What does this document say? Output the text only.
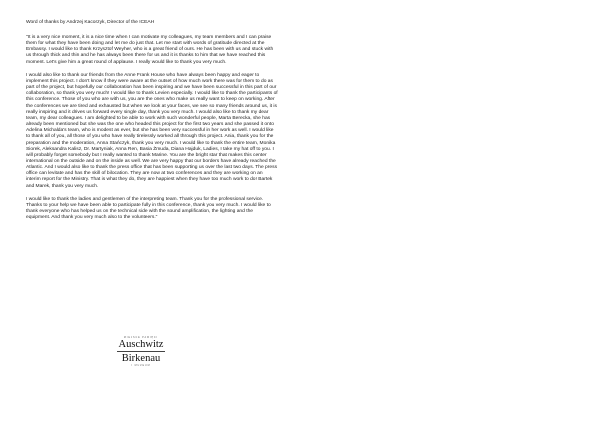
Word of thanks by Andrzej Kacorzyk, Director of the ICEAH

"It is a very nice moment, it is a nice time when I can motivate my colleagues, my team members and I can praise them for what they have been doing and let me do just that. Let me start with words of gratitude directed at the Embassy. I would like to thank Krzysztof Weyher, who is a great friend of ours. He has been with us and stuck with us through thick and thin and he has always been there for us and it is thanks to him that we have reached this moment. Let's give him a great round of applause. I really would like to thank you very much.

I would also like to thank our friends from the Anne Frank House who have always been happy and eager to implement this project. I don't know if they were aware at the outset of how much work there was for them to do as part of the project, but hopefully our collaboration has been inspiring and we have been successful in this part of our collaboration, so thank you very much! I would like to thank Levien especially. I would like to thank the participants of this conference. Those of you who are with us, you are the ones who make us really want to keep on working. After the conferences we are tired and exhausted but when we look at your faces, we see so many friends around us, it is really inspiring and it drives us forward every single day, thank you very much. I would also like to thank my dear team, my dear colleagues. I am delighted to be able to work with such wonderful people, Marta Berecka, she has already been mentioned but she was the one who headed this project for the first two years and she passed it onto Adelina Michalda's team, who is modest as ever, but she has been very successful in her work as well. I would like to thank all of you, all those of you who have really tirelessly worked all through this project. Ania, thank you for the preparation and the moderation, Anna Stańczyk, thank you very much. I would like to thank the entire team, Monika Siorek, Aleksandra Kalisz, Dr. Martyniak, Anna Ren, Basia Żmuda, Diana Hajduk, Ladies, I take my hat off to you. I will probably forget somebody but I really wanted to thank Marine. You are the bright star that makes this center international on the outside and on the inside as well. We are very happy that our borders have already reached the Atlantic. And I would also like to thank the press office that has been supporting us over the last two days. The press office can levitate and has the skill of bilocation. They are now at two conferences and they are working on an interim report for the Ministry. That is what they do, they are happiest when they have too much work to do! Bartek and Marek, thank you very much.

I would like to thank the ladies and gentlemen of the interpreting team. Thank you for the professional service. Thanks to your help we have been able to participate fully in this conference, thank you very much. I would like to thank everyone who has helped us on the technical side with the sound amplification, the lighting and the equipment. And thank you very much also to the volunteers."

MIEJSCE PAMIĘCI
Auschwitz
Birkenau
I MUZEUM
